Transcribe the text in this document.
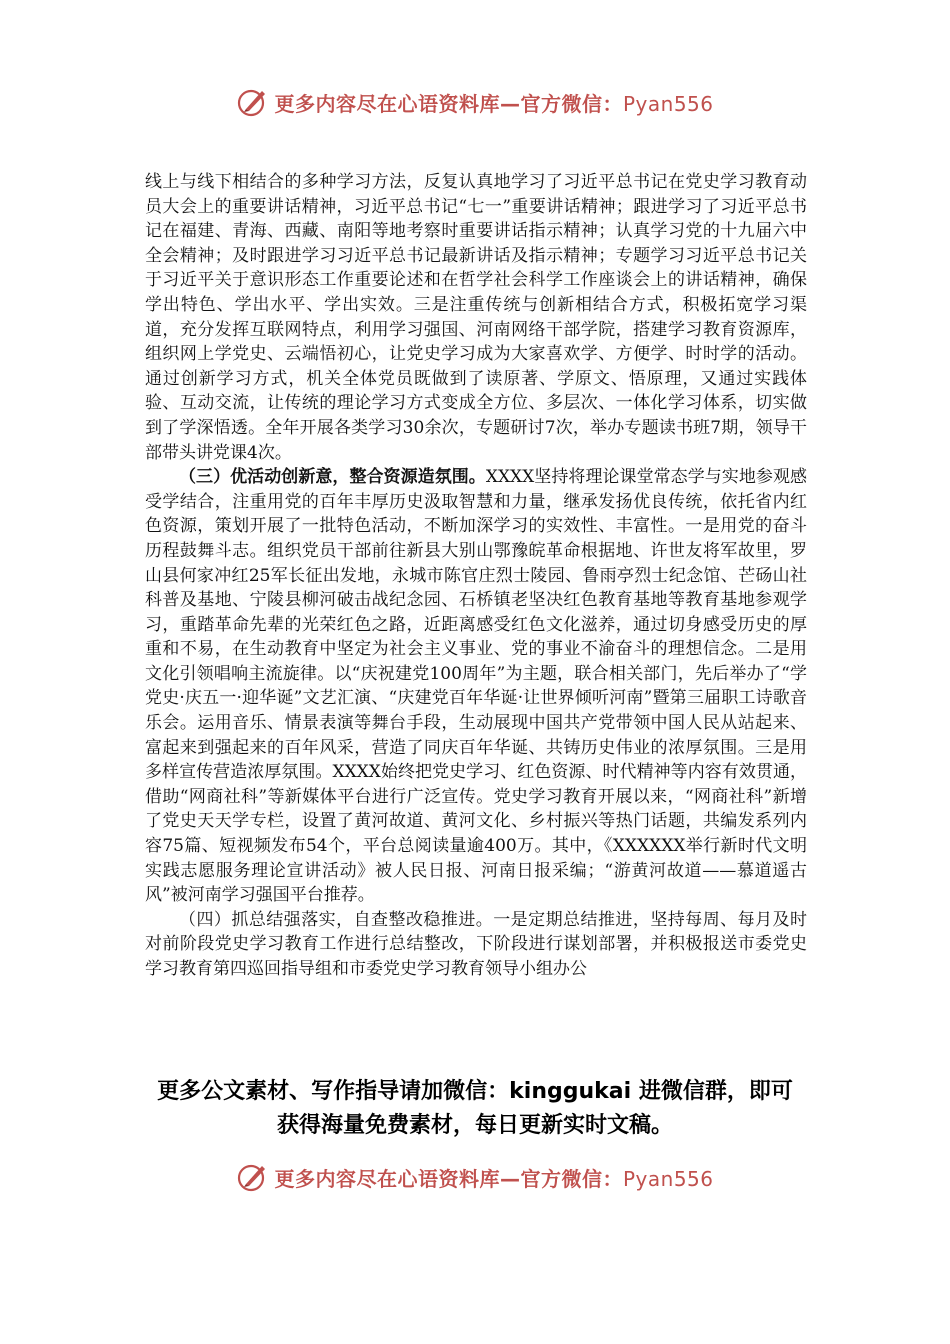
更多内容尽在心语资料库—官方微信：Pyan556

线上与线下相结合的多种学习方法，反复认真地学习了习近平总书记在党史学习教育动员大会上的重要讲话精神，习近平总书记“七一”重要讲话精神；跟进学习了习近平总书记在福建、青海、西藏、南阳等地考察时重要讲话指示精神；认真学习党的十九届六中全会精神；及时跟进学习习近平总书记最新讲话及指示精神；专题学习习近平总书记关于习近平关于意识形态工作重要论述和在哲学社会科学工作座谈会上的讲话精神，确保学出特色、学出水平、学出实效。三是注重传统与创新相结合方式，积极拓宽学习渠道，充分发挥互联网特点，利用学习强国、河南网络干部学院，搭建学习教育资源库，组织网上学党史、云端悟初心，让党史学习成为大家喜欢学、方便学、时时学的活动。通过创新学习方式，机关全体党员既做到了读原著、学原文、悟原理，又通过实践体验、互动交流，让传统的理论学习方式变成全方位、多层次、一体化学习体系，切实做到了学深悟透。全年开展各类学习30余次，专题研讨7次，举办专题读书班7期，领导干部带头讲党课4次。

（三）优活动创新意，整合资源造氛围。XXXX坚持将理论课堂常态学与实地参观感受学结合，注重用党的百年丰厚历史汲取智慧和力量，继承发扬优良传统，依托省内红色资源，策划开展了一批特色活动，不断加深学习的实效性、丰富性。一是用党的奋斗历程鼓舞斗志。组织党员干部前往新县大别山鄂豫皖革命根据地、许世友将军故里，罗山县何家冲红25军长征出发地，永城市陈官庄烈士陵园、鲁雨亭烈士纪念馆、芒砀山社科普及基地、宁陵县柳河破击战纪念园、石桥镇老坚决红色教育基地等教育基地参观学习，重踏革命先辈的光荣红色之路，近距离感受红色文化滋养，通过切身感受历史的厚重和不易，在生动教育中坚定为社会主义事业、党的事业不渝奋斗的理想信念。二是用文化引领唱响主流旋律。以“庆祝建党100周年”为主题，联合相关部门，先后举办了“学党史·庆五一·迎华诞”文艺汇演、“庆建党百年华诞·让世界倾听河南”暨第三届职工诗歌音乐会。运用音乐、情景表演等舞台手段，生动展现中国共产党带领中国人民从站起来、富起来到强起来的百年风采，营造了同庆百年华诞、共铸历史伟业的浓厚氛围。三是用多样宣传营造浓厚氛围。XXXX始终把党史学习、红色资源、时代精神等内容有效贯通，借助“网商社科”等新媒体平台进行广泛宣传。党史学习教育开展以来，“网商社科”新增了党史天天学专栏，设置了黄河故道、黄河文化、乡村振兴等热门话题，共编发系列内容75篇、短视频发布54个，平台总阅读量逾400万。其中，《XXXXXX举行新时代文明实践志愿服务理论宣讲活动》被人民日报、河南日报采编；“游黄河故道——慕道遥古风”被河南学习强国平台推荐。

（四）抓总结强落实，自查整改稳推进。一是定期总结推进，坚持每周、每月及时对前阶段党史学习教育工作进行总结整改，下阶段进行谋划部署，并积极报送市委党史学习教育第四巡回指导组和市委党史学习教育领导小组办公

更多公文素材、写作指导请加微信：kinggukai 进微信群，即可
获得海量免费素材，每日更新实时文稿。
更多内容尽在心语资料库—官方微信：Pyan556
